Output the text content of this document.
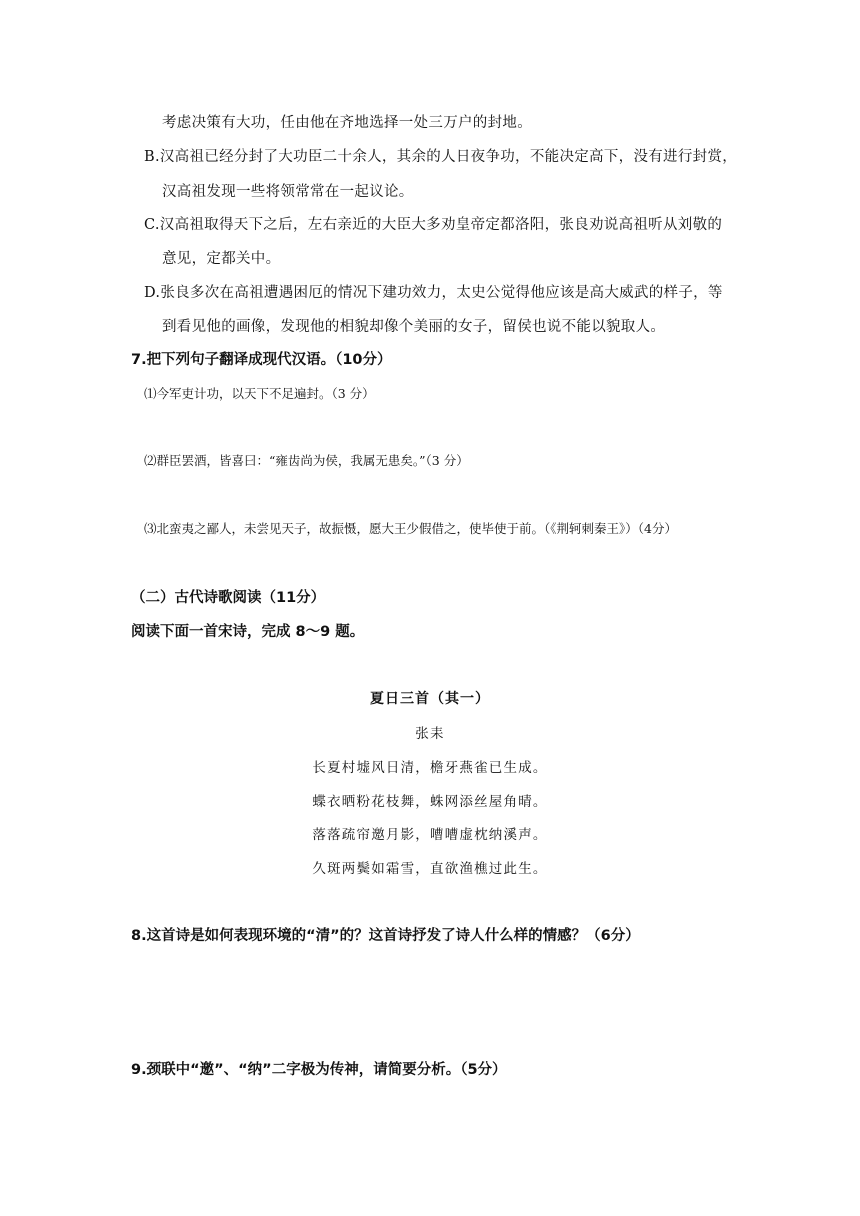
考虑决策有大功，任由他在齐地选择一处三万户的封地。
B.汉高祖已经分封了大功臣二十余人，其余的人日夜争功，不能决定高下，没有进行封赏，
汉高祖发现一些将领常常在一起议论。
C.汉高祖取得天下之后，左右亲近的大臣大多劝皇帝定都洛阳，张良劝说高祖听从刘敬的
意见，定都关中。
D.张良多次在高祖遭遇困厄的情况下建功效力，太史公觉得他应该是高大威武的样子，等
到看见他的画像，发现他的相貌却像个美丽的女子，留侯也说不能以貌取人。
7.把下列句子翻译成现代汉语。（10分）
⑴今军吏计功，以天下不足遍封。（3 分）
⑵群臣罢酒，皆喜曰：“雍齿尚为侯，我属无患矣。”（3 分）
⑶北蛮夷之鄙人，未尝见天子，故振慑，愿大王少假借之，使毕使于前。（《荆轲刺秦王》）（4分）
（二）古代诗歌阅读（11分）
阅读下面一首宋诗，完成 8～9 题。
夏日三首（其一）
张耒
长夏村墟风日清，檐牙燕雀已生成。
蝶衣晒粉花枝舞，蛛网添丝屋角晴。
落落疏帘邀月影，嘈嘈虚枕纳溪声。
久斑两鬓如霜雪，直欲渔樵过此生。
8.这首诗是如何表现环境的“清”的？这首诗抒发了诗人什么样的情感？（6分）
9.颈联中“邀”、“纳”二字极为传神，请简要分析。（5分）
